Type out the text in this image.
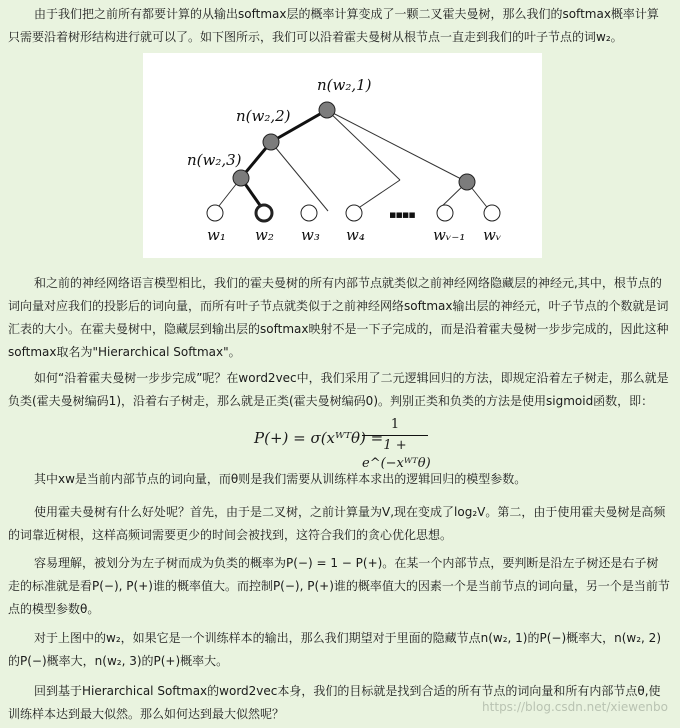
由于我们把之前所有都要计算的从输出softmax层的概率计算变成了一颗二叉霍夫曼树，那么我们的softmax概率计算只需要沿着树形结构进行就可以了。如下图所示，我们可以沿着霍夫曼树从根节点一直走到我们的叶子节点的词w₂。

n(w₂,1)
n(w₂,2)
n(w₂,3)
w₁ w₂ w₃ w₄	wᵥ₋₁ wᵥ
▪▪▪▪

和之前的神经网络语言模型相比，我们的霍夫曼树的所有内部节点就类似之前神经网络隐藏层的神经元,其中，根节点的词向量对应我们的投影后的词向量，而所有叶子节点就类似于之前神经网络softmax输出层的神经元，叶子节点的个数就是词汇表的大小。在霍夫曼树中，隐藏层到输出层的softmax映射不是一下子完成的，而是沿着霍夫曼树一步步完成的，因此这种softmax取名为"Hierarchical Softmax"。

如何“沿着霍夫曼树一步步完成”呢？在word2vec中，我们采用了二元逻辑回归的方法，即规定沿着左子树走，那么就是负类(霍夫曼树编码1)，沿着右子树走，那么就是正类(霍夫曼树编码0)。判别正类和负类的方法是使用sigmoid函数，即：

P(+) = σ(xᵂᵀθ) =
1
1 + e^(−xᵂᵀθ)

其中xw是当前内部节点的词向量，而θ则是我们需要从训练样本求出的逻辑回归的模型参数。

使用霍夫曼树有什么好处呢？首先，由于是二叉树，之前计算量为V,现在变成了log₂V。第二，由于使用霍夫曼树是高频的词靠近树根，这样高频词需要更少的时间会被找到，这符合我们的贪心优化思想。

容易理解，被划分为左子树而成为负类的概率为P(−) = 1 − P(+)。在某一个内部节点，要判断是沿左子树还是右子树走的标准就是看P(−), P(+)谁的概率值大。而控制P(−), P(+)谁的概率值大的因素一个是当前节点的词向量，另一个是当前节点的模型参数θ。

对于上图中的w₂，如果它是一个训练样本的输出，那么我们期望对于里面的隐藏节点n(w₂, 1)的P(−)概率大，n(w₂, 2)的P(−)概率大，n(w₂, 3)的P(+)概率大。

回到基于Hierarchical Softmax的word2vec本身，我们的目标就是找到合适的所有节点的词向量和所有内部节点θ,使训练样本达到最大似然。那么如何达到最大似然呢？	https://blog.csdn.net/xiewenbo
